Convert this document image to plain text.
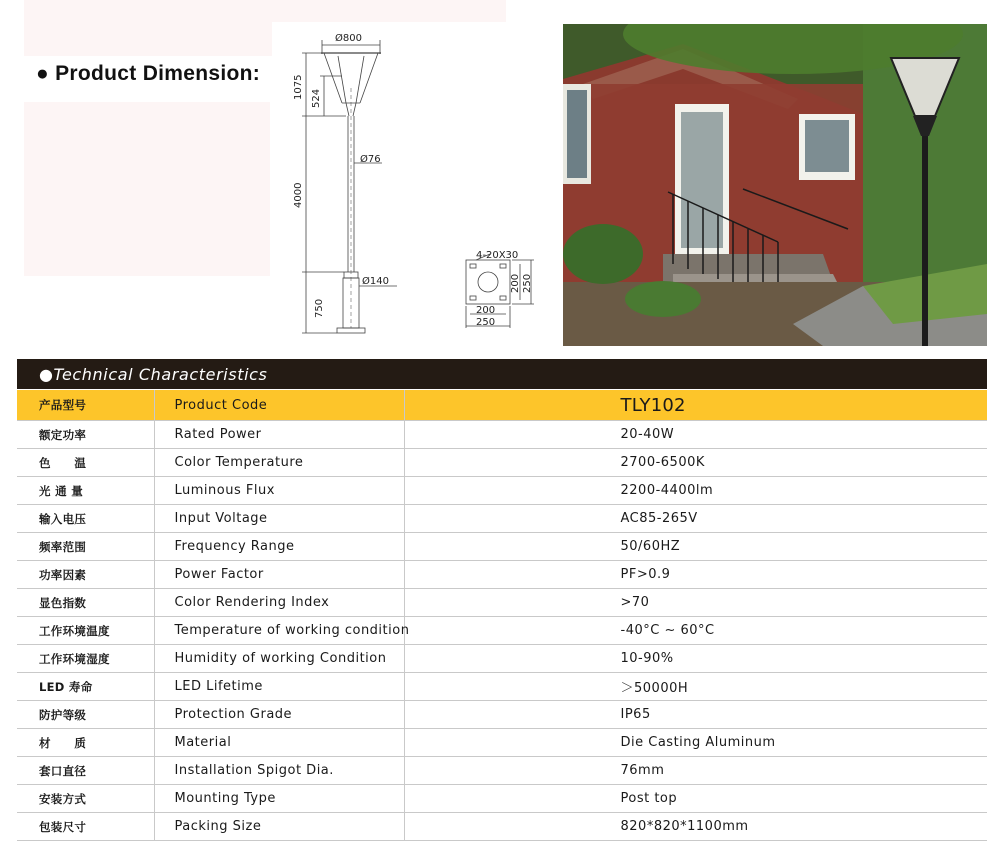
● Product Dimension:
Ø800
1075 524
4000
Ø76
Ø140
750
4-20X30
200 250
200
250
●Technical Characteristics
产品型号	Product Code	TLY102
额定功率	Rated Power	20-40W
色　　温	Color Temperature	2700-6500K
光 通 量	Luminous Flux	2200-4400lm
输入电压	Input Voltage	AC85-265V
频率范围	Frequency Range	50/60HZ
功率因素	Power Factor	PF>0.9
显色指数	Color Rendering Index	>70
工作环境温度	Temperature of working condition	-40°C ~ 60°C
工作环境湿度	Humidity of working Condition	10-90%
LED 寿命	LED Lifetime	＞50000H
防护等级	Protection Grade	IP65
材　　质	Material	Die Casting Aluminum
套口直径	Installation Spigot Dia.	76mm
安装方式	Mounting Type	Post top
包装尺寸	Packing Size	820*820*1100mm
